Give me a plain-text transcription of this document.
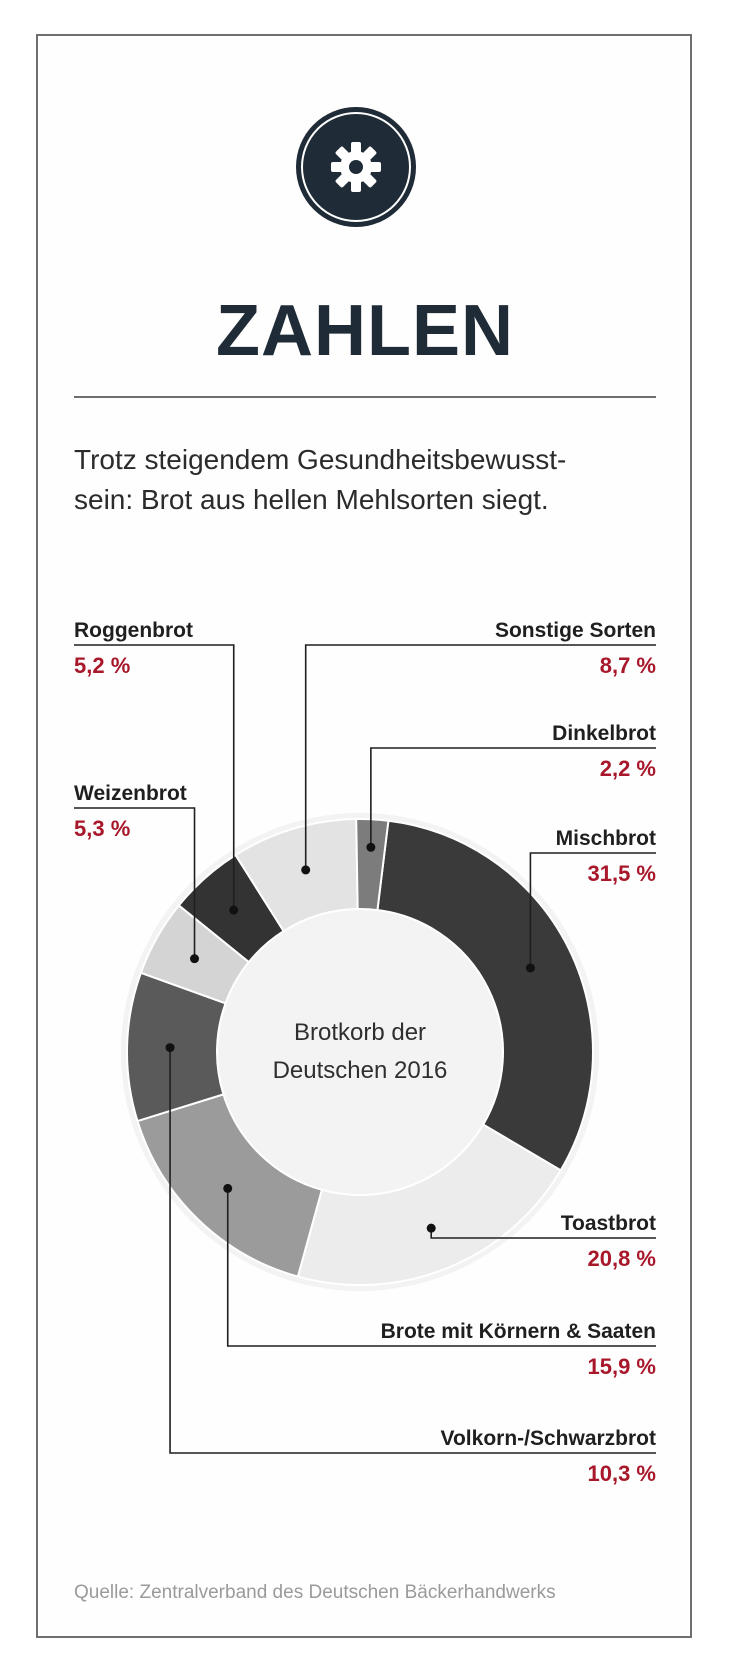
ZAHLEN
Trotz steigendem Gesundheitsbewusst-
sein: Brot aus hellen Mehlsorten siegt.
Mischbrot
31,5 %
Toastbrot
20,8 %
Brote mit Körnern & Saaten
15,9 %
Volkorn-/Schwarzbrot
10,3 %
Weizenbrot
5,3 %
Roggenbrot
5,2 %
Sonstige Sorten
8,7 %
Dinkelbrot
2,2 %
Brotkorb der
Deutschen 2016
Quelle: Zentralverband des Deutschen Bäckerhandwerks
